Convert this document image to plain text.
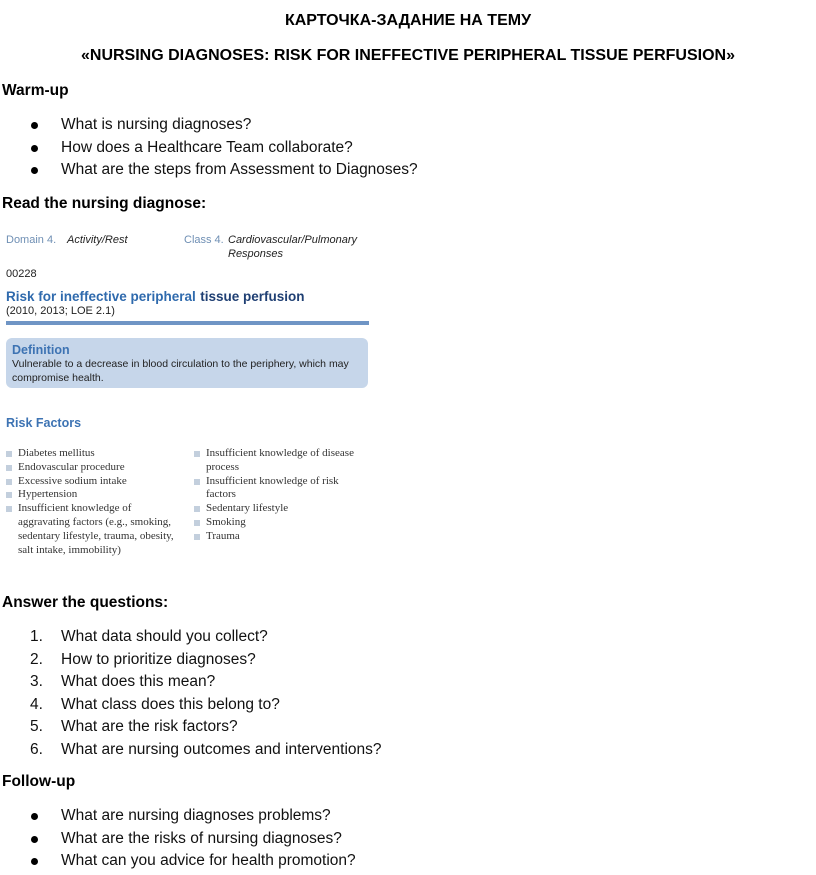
КАРТОЧКА-ЗАДАНИЕ НА ТЕМУ
«NURSING DIAGNOSES: RISK FOR INEFFECTIVE PERIPHERAL TISSUE PERFUSION»
Warm-up
What is nursing diagnoses?
How does a Healthcare Team collaborate?
What are the steps from Assessment to Diagnoses?
Read the nursing diagnose:
Domain 4. Activity/Rest	Class 4. Cardiovascular/Pulmonary
Responses
00228
Risk for ineffective peripheral tissue perfusion
(2010, 2013; LOE 2.1)
Definition
Vulnerable to a decrease in blood circulation to the periphery, which may compromise health.
Risk Factors
Diabetes mellitus
Endovascular procedure
Excessive sodium intake
Hypertension
Insufficient knowledge of aggravating factors (e.g., smoking, sedentary lifestyle, trauma, obesity, salt intake, immobility)
Insufficient knowledge of disease process
Insufficient knowledge of risk factors
Sedentary lifestyle
Smoking
Trauma
Answer the questions:
1. What data should you collect?
2. How to prioritize diagnoses?
3. What does this mean?
4. What class does this belong to?
5. What are the risk factors?
6. What are nursing outcomes and interventions?
Follow-up
What are nursing diagnoses problems?
What are the risks of nursing diagnoses?
What can you advice for health promotion?
